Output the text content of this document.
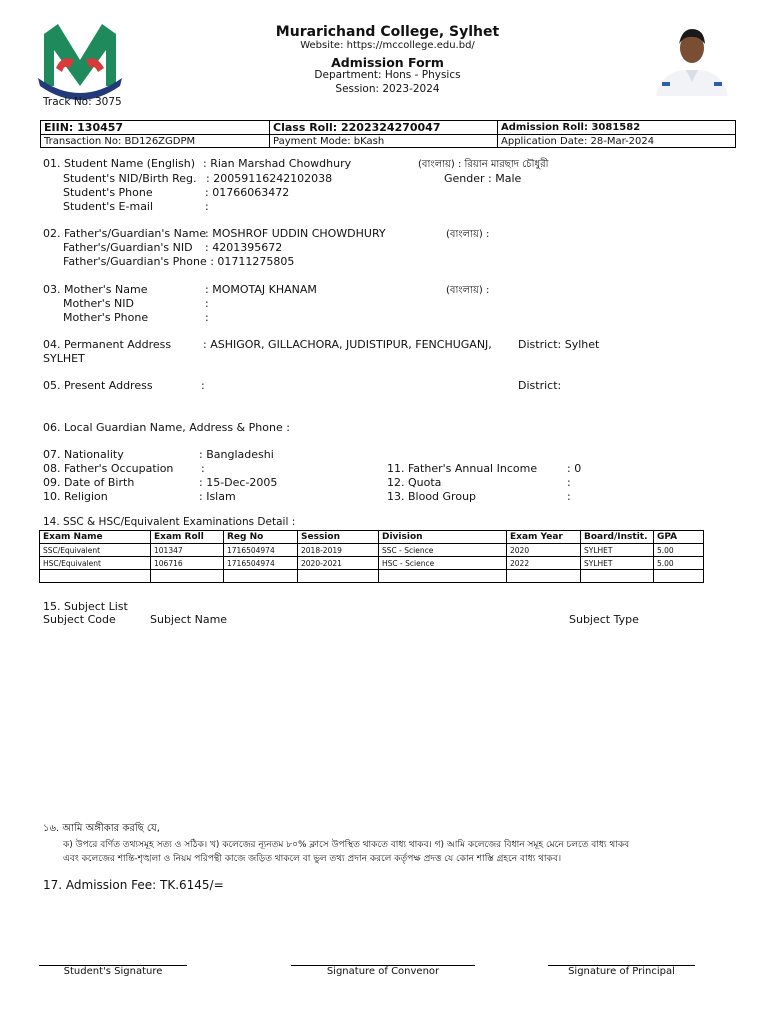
Murarichand College, Sylhet
Website: https://mccollege.edu.bd/
Admission Form
Department: Hons - Physics
Session: 2023-2024
Track No: 3075
EIIN: 130457	Class Roll: 2202324270047	Admission Roll: 3081582
Transaction No: BD126ZGDPM	Payment Mode: bKash	Application Date: 28-Mar-2024
01. Student Name (English) : Rian Marshad Chowdhury	(বাংলায়) : রিয়ান মারছাদ চৌধুরী
Student's NID/Birth Reg. : 20059116242102038	Gender : Male
Student's Phone	: 01766063472
Student's E-mail	:
02. Father's/Guardian's Name
: MOSHROF UDDIN CHOWDHURY	(বাংলায়) :
Father's/Guardian's NID : 4201395672
Father's/Guardian's Phone : 01711275805
03. Mother's Name	: MOMOTAJ KHANAM	(বাংলায়) :
Mother's NID	:
Mother's Phone	:
04. Permanent Address	: ASHIGOR, GILLACHORA, JUDISTIPUR, FENCHUGANJ, District: Sylhet
SYLHET
05. Present Address	:	District:
06. Local Guardian Name, Address & Phone :
07. Nationality	: Bangladeshi
08. Father's Occupation	:
09. Date of Birth	: 15-Dec-2005
10. Religion	: Islam
11. Father's Annual Income	: 0
12. Quota	:
13. Blood Group	:
14. SSC & HSC/Equivalent Examinations Detail :
Exam Name	Exam Roll	Reg No	Session	Division	Exam Year	Board/Instit.	GPA
SSC/Equivalent	101347	1716504974	2018-2019	SSC - Science	2020	SYLHET	5.00
HSC/Equivalent	106716	1716504974	2020-2021	HSC - Science	2022	SYLHET	5.00

15. Subject List
Subject Code	Subject Name	Subject Type
১৬. আমি অঙ্গীকার করছি যে,
ক) উপরে বর্ণিত তথ্যসমূহ সত্য ও সঠিক। খ) কলেজের ন্যূনতম ৮০% ক্লাসে উপস্থিত থাকতে বাধ্য থাকব। গ) আমি কলেজের বিধান সমূহ মেনে চলতে বাধ্য থাকব
এবং কলেজের শান্তি-শৃঙ্খলা ও নিয়ম পরিপন্থী কাজে জড়িত থাকলে বা ভুল তথ্য প্রদান করলে কর্তৃপক্ষ প্রদত্ত যে কোন শাস্তি গ্রহনে বাধ্য থাকব।
17. Admission Fee: TK.6145/=
Student's Signature	Signature of Convenor	Signature of Principal
